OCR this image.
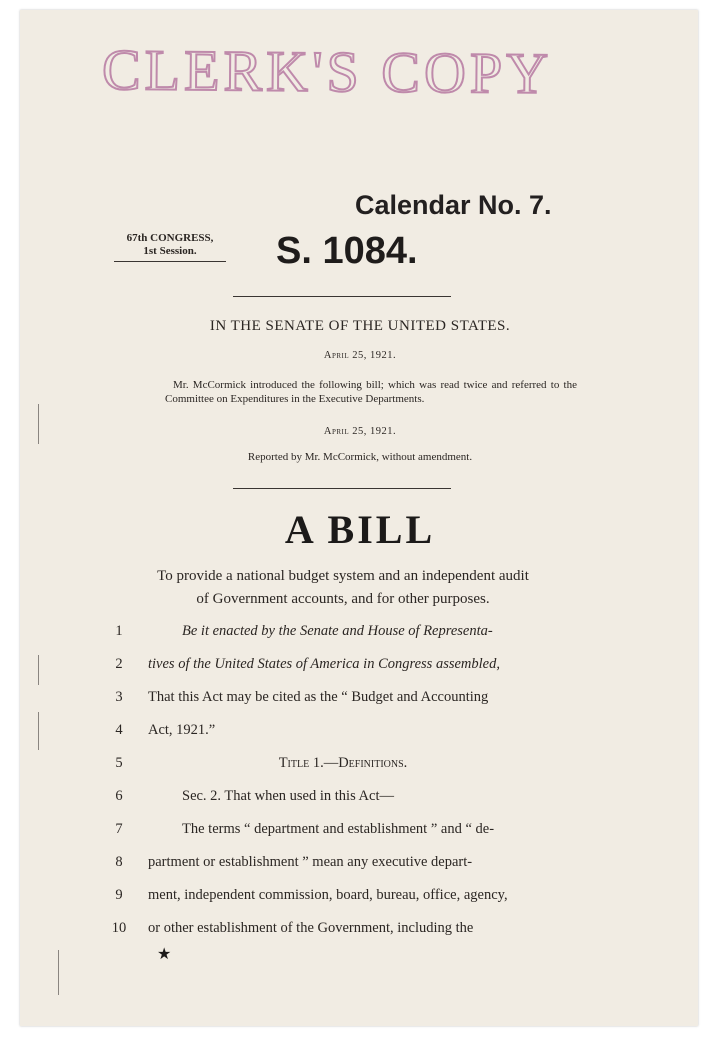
CLERK'S COPY
Calendar No. 7.
67th CONGRESS,
1st Session.	S. 1084.
IN THE SENATE OF THE UNITED STATES.
April 25, 1921.
Mr. McCormick introduced the following bill; which was read twice and referred to the Committee on Expenditures in the Executive Departments.
April 25, 1921.
Reported by Mr. McCormick, without amendment.
A BILL
To provide a national budget system and an independent audit
of Government accounts, and for other purposes.
1	Be it enacted by the Senate and House of Representa-
2	tives of the United States of America in Congress assembled,
3	That this Act may be cited as the “ Budget and Accounting
4	Act, 1921.”
5	Title 1.—Definitions.
6	Sec. 2. That when used in this Act—
7	The terms “ department and establishment ” and “ de-
8	partment or establishment ” mean any executive depart-
9	ment, independent commission, board, bureau, office, agency,
10 or other establishment of the Government, including the
★
